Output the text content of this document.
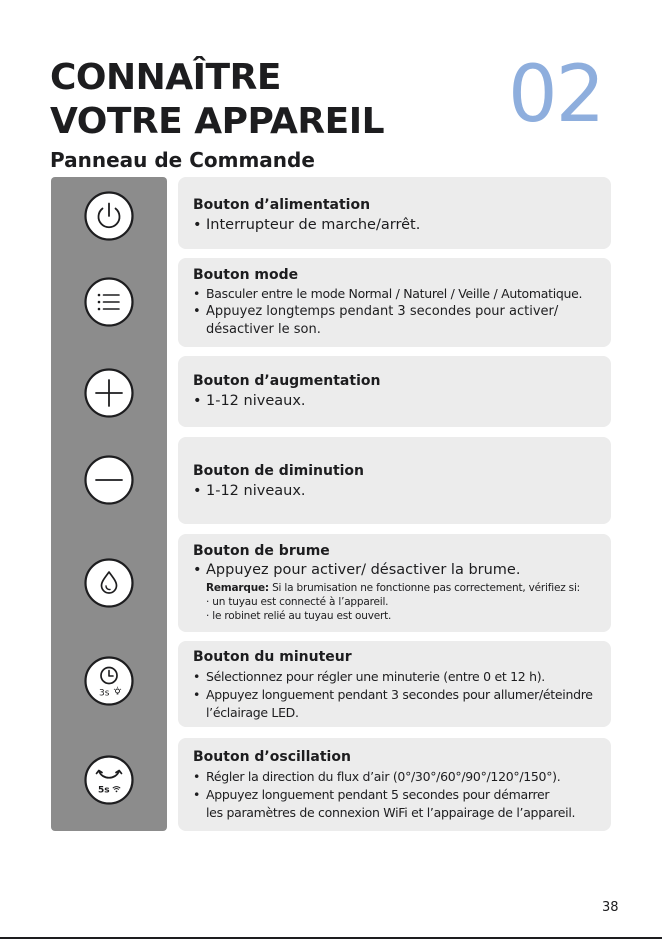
CONNAÎTRE
VOTRE APPAREIL 02
Panneau de Commande
3s
5s
Bouton d’alimentation
• Interrupteur de marche/arrêt.
Bouton mode
• Basculer entre le mode Normal / Naturel / Veille / Automatique.
• Appuyez longtemps pendant 3 secondes pour activer/
désactiver le son.
Bouton d’augmentation
• 1-12 niveaux.
Bouton de diminution
• 1-12 niveaux.
Bouton de brume
• Appuyez pour activer/ désactiver la brume.
Remarque: Si la brumisation ne fonctionne pas correctement, vérifiez si:
· un tuyau est connecté à l’appareil.
· le robinet relié au tuyau est ouvert.
Bouton du minuteur
• Sélectionnez pour régler une minuterie (entre 0 et 12 h).
• Appuyez longuement pendant 3 secondes pour allumer/éteindre
l’éclairage LED.
Bouton d’oscillation
• Régler la direction du flux d’air (0°/30°/60°/90°/120°/150°).
• Appuyez longuement pendant 5 secondes pour démarrer
les paramètres de connexion WiFi et l’appairage de l’appareil.
38
